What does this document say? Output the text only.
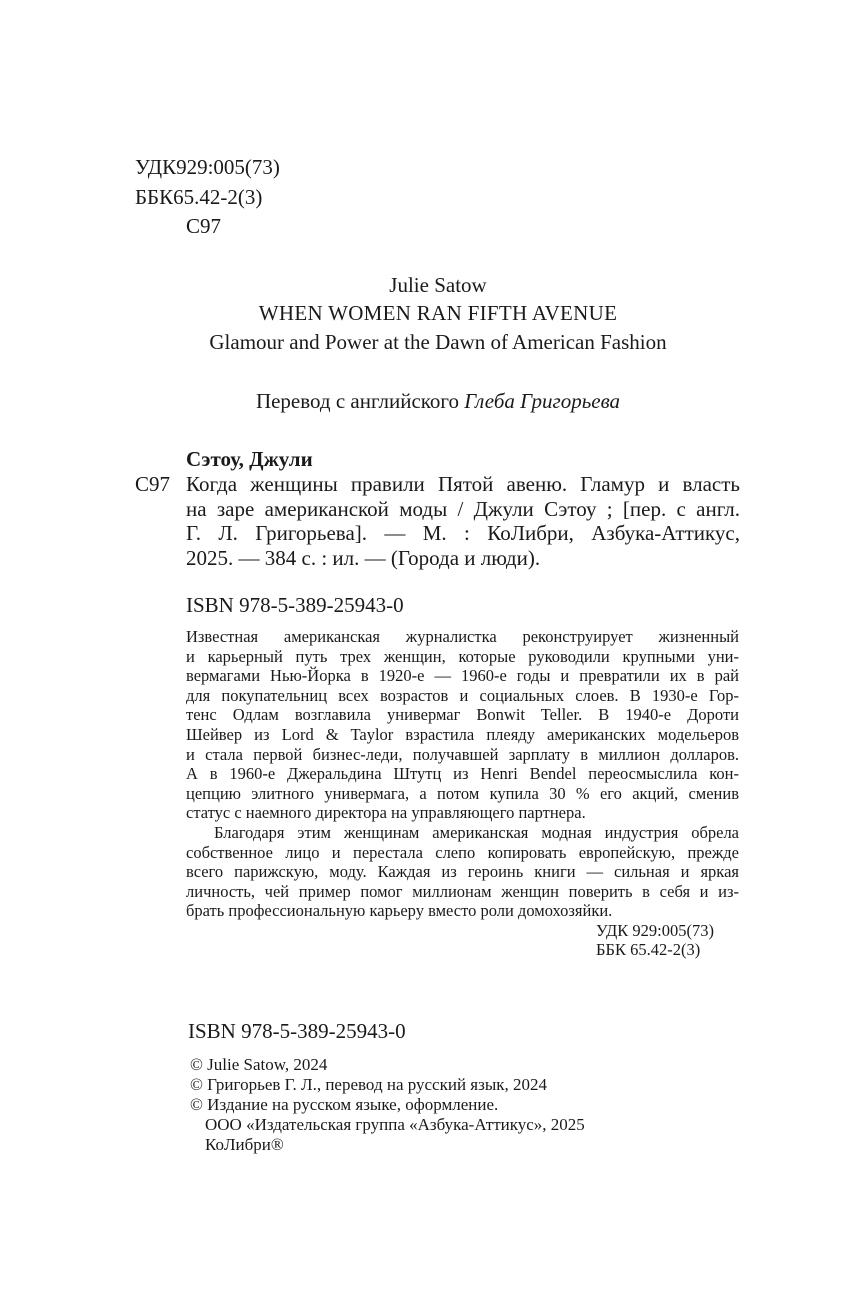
УДК929:005(73)
ББК65.42-2(3)
С97
Julie Satow
WHEN WOMEN RAN FIFTH AVENUE
Glamour and Power at the Dawn of American Fashion
Перевод с английского Глеба Григорьева
Сэтоу, Джули
С97 Когда женщины правили Пятой авеню. Гламур и власть
на заре американской моды / Джули Сэтоу ; [пер. с англ.
Г. Л. Григорьева]. — М. : КоЛибри, Азбука-Аттикус,
2025. — 384 с. : ил. — (Города и люди).
ISBN 978-5-389-25943-0
Известная американская журналистка реконструирует жизненный
и карьерный путь трех женщин, которые руководили крупными уни-
вермагами Нью-Йорка в 1920-е — 1960-е годы и превратили их в рай
для покупательниц всех возрастов и социальных слоев. В 1930-е Гор-
тенс Одлам возглавила универмаг Bonwit Teller. В 1940-е Дороти
Шейвер из Lord & Taylor взрастила плеяду американских модельеров
и стала первой бизнес-леди, получавшей зарплату в миллион долларов.
А в 1960-е Джеральдина Штутц из Henri Bendel переосмыслила кон-
цепцию элитного универмага, а потом купила 30 % его акций, сменив
статус с наемного директора на управляющего партнера.
Благодаря этим женщинам американская модная индустрия обрела
собственное лицо и перестала слепо копировать европейскую, прежде
всего парижскую, моду. Каждая из героинь книги — сильная и яркая
личность, чей пример помог миллионам женщин поверить в себя и из-
брать профессиональную карьеру вместо роли домохозяйки.
УДК 929:005(73)
ББК 65.42-2(3)
ISBN 978-5-389-25943-0
© Julie Satow, 2024
© Григорьев Г. Л., перевод на русский язык, 2024
© Издание на русском языке, оформление.
ООО «Издательская группа «Азбука-Аттикус», 2025
КоЛибри®
